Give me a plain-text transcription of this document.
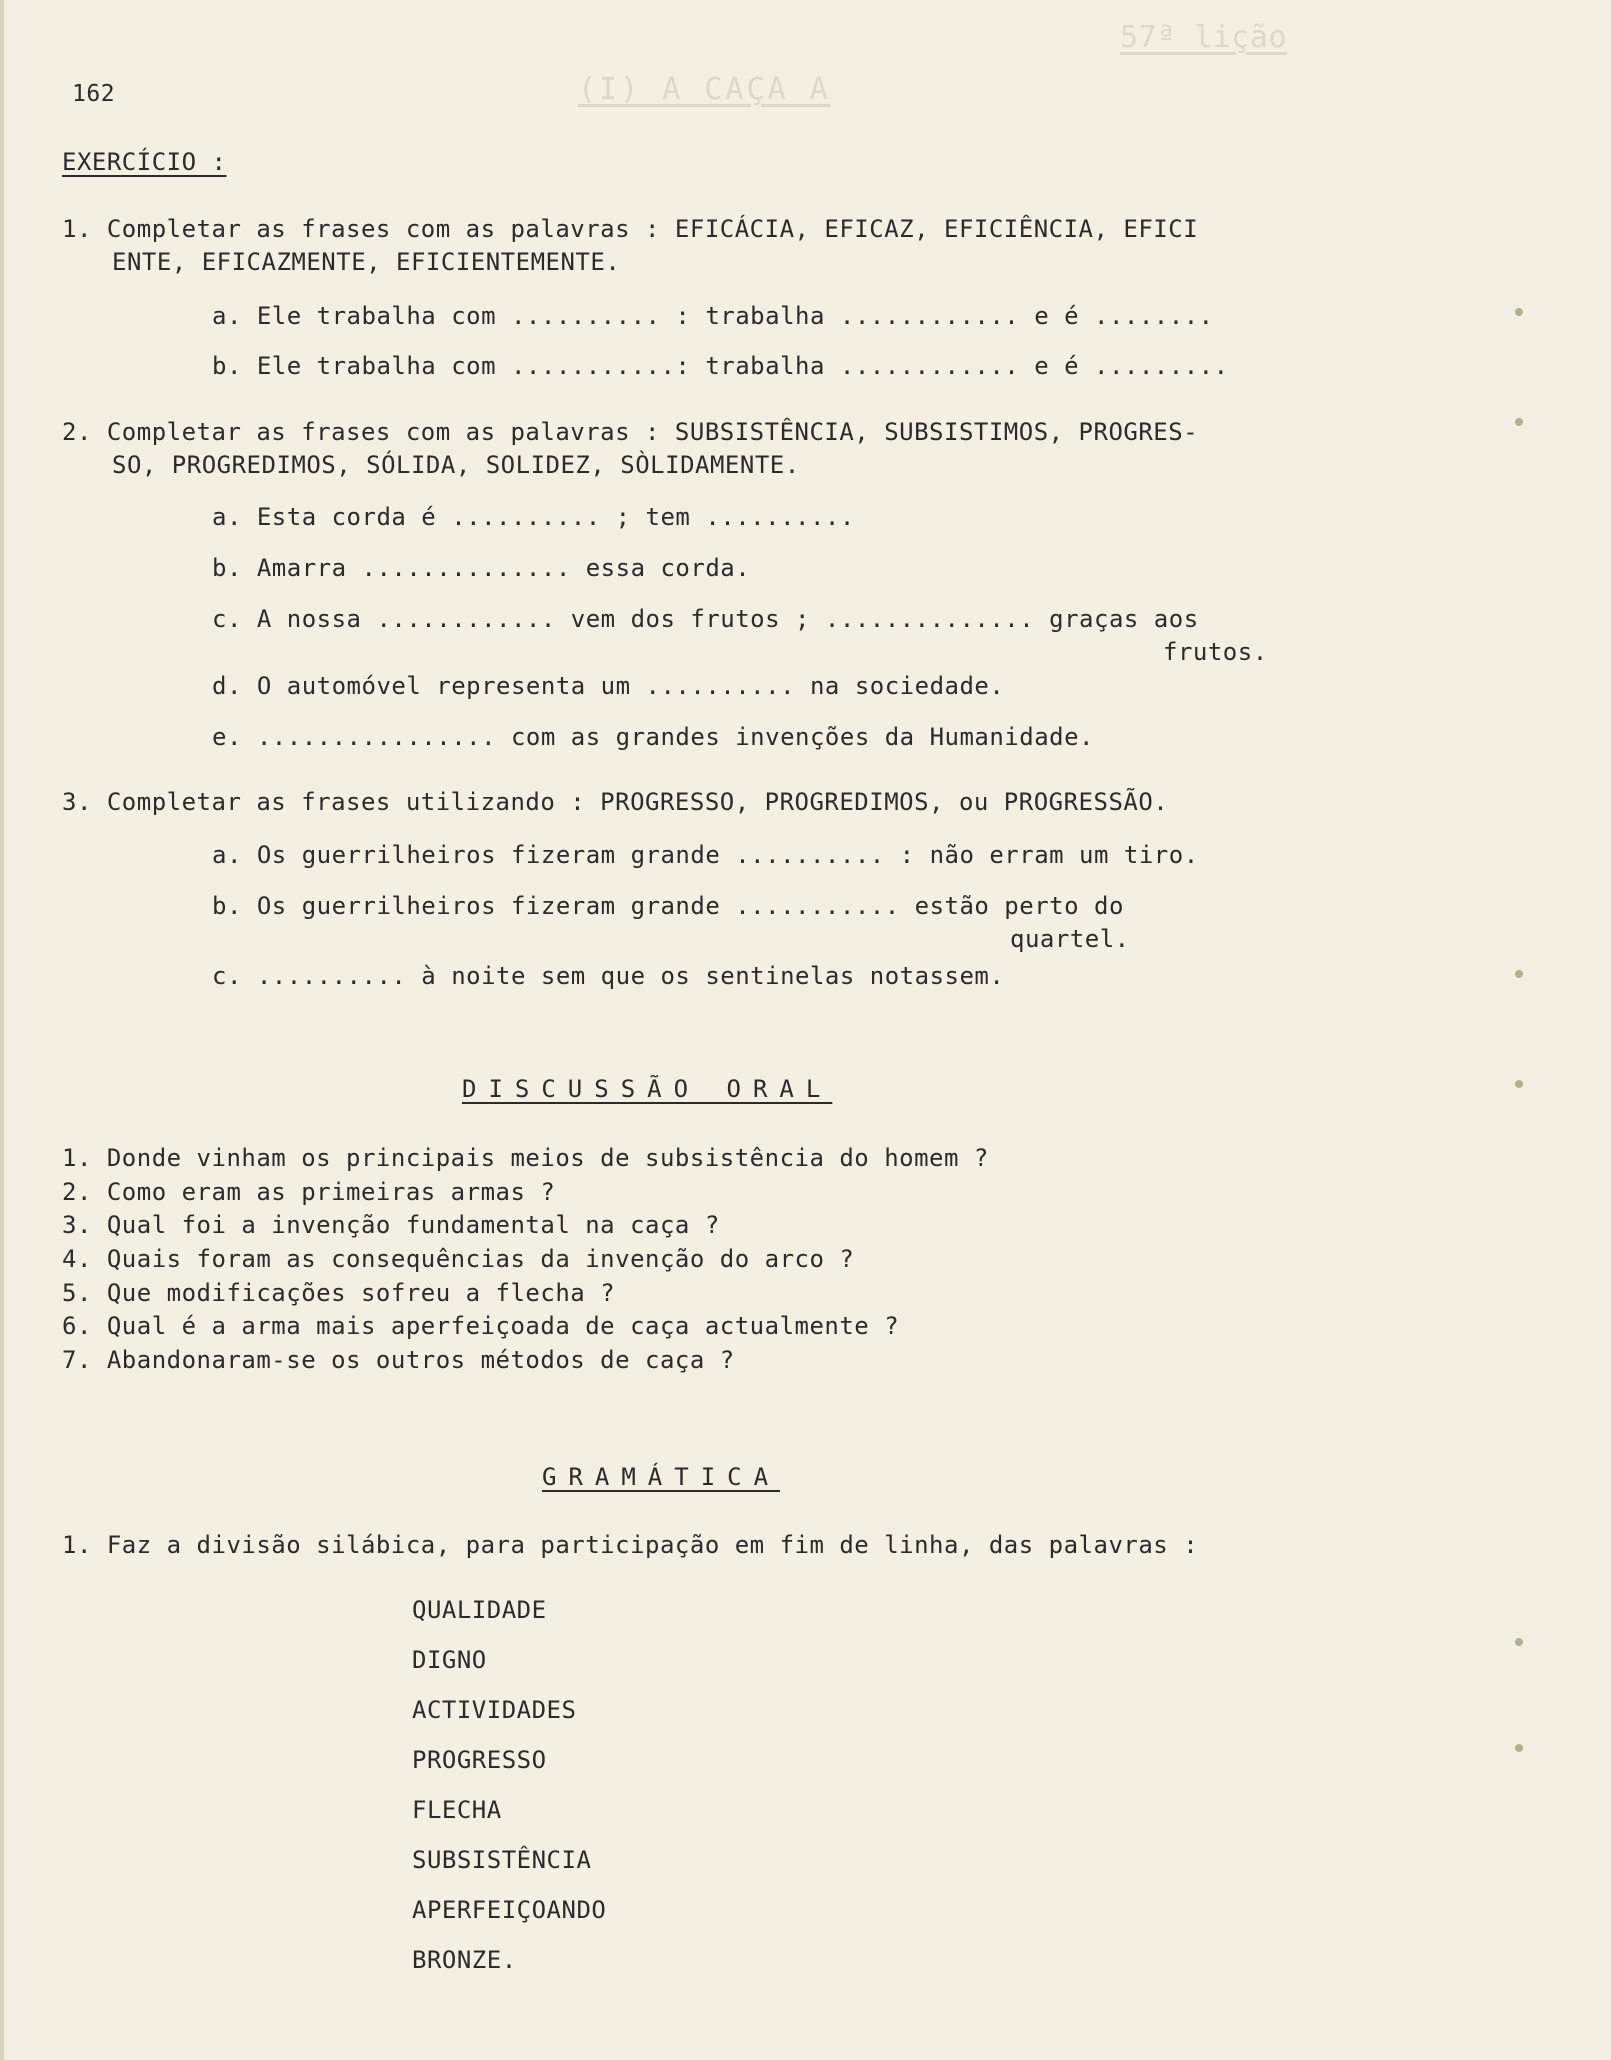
57ª lição
(I) A CAÇA A
162
EXERCÍCIO :
1. Completar as frases com as palavras : EFICÁCIA, EFICAZ, EFICIÊNCIA, EFICI
ENTE, EFICAZMENTE, EFICIENTEMENTE.
a. Ele trabalha com .......... : trabalha ............ e é ........
b. Ele trabalha com ...........: trabalha ............ e é .........
2. Completar as frases com as palavras : SUBSISTÊNCIA, SUBSISTIMOS, PROGRES-
SO, PROGREDIMOS, SÓLIDA, SOLIDEZ, SÒLIDAMENTE.
a. Esta corda é .......... ; tem ..........
b. Amarra .............. essa corda.
c. A nossa ............ vem dos frutos ; .............. graças aos
frutos.
d. O automóvel representa um .......... na sociedade.
e. ................ com as grandes invenções da Humanidade.
3. Completar as frases utilizando : PROGRESSO, PROGREDIMOS, ou PROGRESSÃO.
a. Os guerrilheiros fizeram grande .......... : não erram um tiro.
b. Os guerrilheiros fizeram grande ........... estão perto do
quartel.
c. .......... à noite sem que os sentinelas notassem.
DISCUSSÃO ORAL
1. Donde vinham os principais meios de subsistência do homem ?
2. Como eram as primeiras armas ?
3. Qual foi a invenção fundamental na caça ?
4. Quais foram as consequências da invenção do arco ?
5. Que modificações sofreu a flecha ?
6. Qual é a arma mais aperfeiçoada de caça actualmente ?
7. Abandonaram-se os outros métodos de caça ?
GRAMÁTICA
1. Faz a divisão silábica, para participação em fim de linha, das palavras :
QUALIDADE
DIGNO
ACTIVIDADES
PROGRESSO
FLECHA
SUBSISTÊNCIA
APERFEIÇOANDO
BRONZE.
